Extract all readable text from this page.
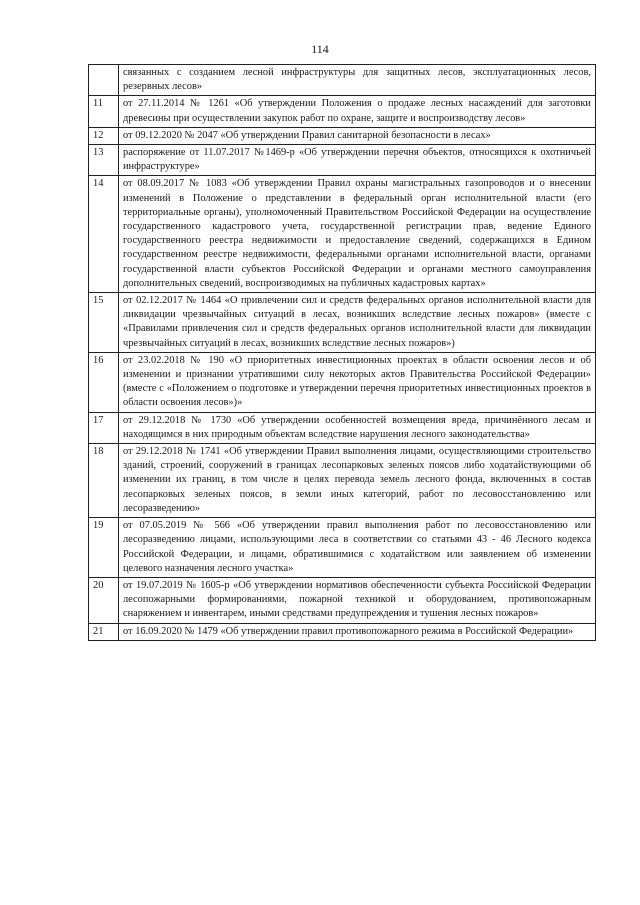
114
	связанных с созданием лесной инфраструктуры для защитных лесов, эксплуатационных лесов, резервных лесов»
11	от 27.11.2014 № 1261 «Об утверждении Положения о продаже лесных насаждений для заготовки древесины при осуществлении закупок работ по охране, защите и воспроизводству лесов»
12	от 09.12.2020 № 2047 «Об утверждении Правил санитарной безопасности в лесах»
13	распоряжение от 11.07.2017 №1469-р «Об утверждении перечня объектов, относящихся к охотничьей инфраструктуре»
14	от 08.09.2017 № 1083 «Об утверждении Правил охраны магистральных газопроводов и о внесении изменений в Положение о представлении в федеральный орган исполнительной власти (его территориальные органы), уполномоченный Правительством Российской Федерации на осуществление государственного кадастрового учета, государственной регистрации прав, ведение Единого государственного реестра недвижимости и предоставление сведений, содержащихся в Едином государственном реестре недвижимости, федеральными органами исполнительной власти, органами государственной власти субъектов Российской Федерации и органами местного самоуправления дополнительных сведений, воспроизводимых на публичных кадастровых картах»
15	от 02.12.2017 № 1464 «О привлечении сил и средств федеральных органов исполнительной власти для ликвидации чрезвычайных ситуаций в лесах, возникших вследствие лесных пожаров» (вместе с «Правилами привлечения сил и средств федеральных органов исполнительной власти для ликвидации чрезвычайных ситуаций в лесах, возникших вследствие лесных пожаров»)
16	от 23.02.2018 № 190 «О приоритетных инвестиционных проектах в области освоения лесов и об изменении и признании утратившими силу некоторых актов Правительства Российской Федерации» (вместе с «Положением о подготовке и утверждении перечня приоритетных инвестиционных проектов в области освоения лесов»)»
17	от 29.12.2018 № 1730 «Об утверждении особенностей возмещения вреда, причинённого лесам и находящимся в них природным объектам вследствие нарушения лесного законодательства»
18	от 29.12.2018 № 1741 «Об утверждении Правил выполнения лицами, осуществляющими строительство зданий, строений, сооружений в границах лесопарковых зеленых поясов либо ходатайствующими об изменении их границ, в том числе в целях перевода земель лесного фонда, включенных в состав лесопарковых зеленых поясов, в земли иных категорий, работ по лесовосстановлению или лесоразведению»
19	от 07.05.2019 № 566 «Об утверждении правил выполнения работ по лесовосстановлению или лесоразведению лицами, использующими леса в соответствии со статьями 43 - 46 Лесного кодекса Российской Федерации, и лицами, обратившимися с ходатайством или заявлением об изменении целевого назначения лесного участка»
20	от 19.07.2019 № 1605-р «Об утверждении нормативов обеспеченности субъекта Российской Федерации лесопожарными формированиями, пожарной техникой и оборудованием, противопожарным снаряжением и инвентарем, иными средствами предупреждения и тушения лесных пожаров»
21	от 16.09.2020 № 1479 «Об утверждении правил противопожарного режима в Российской Федерации»
